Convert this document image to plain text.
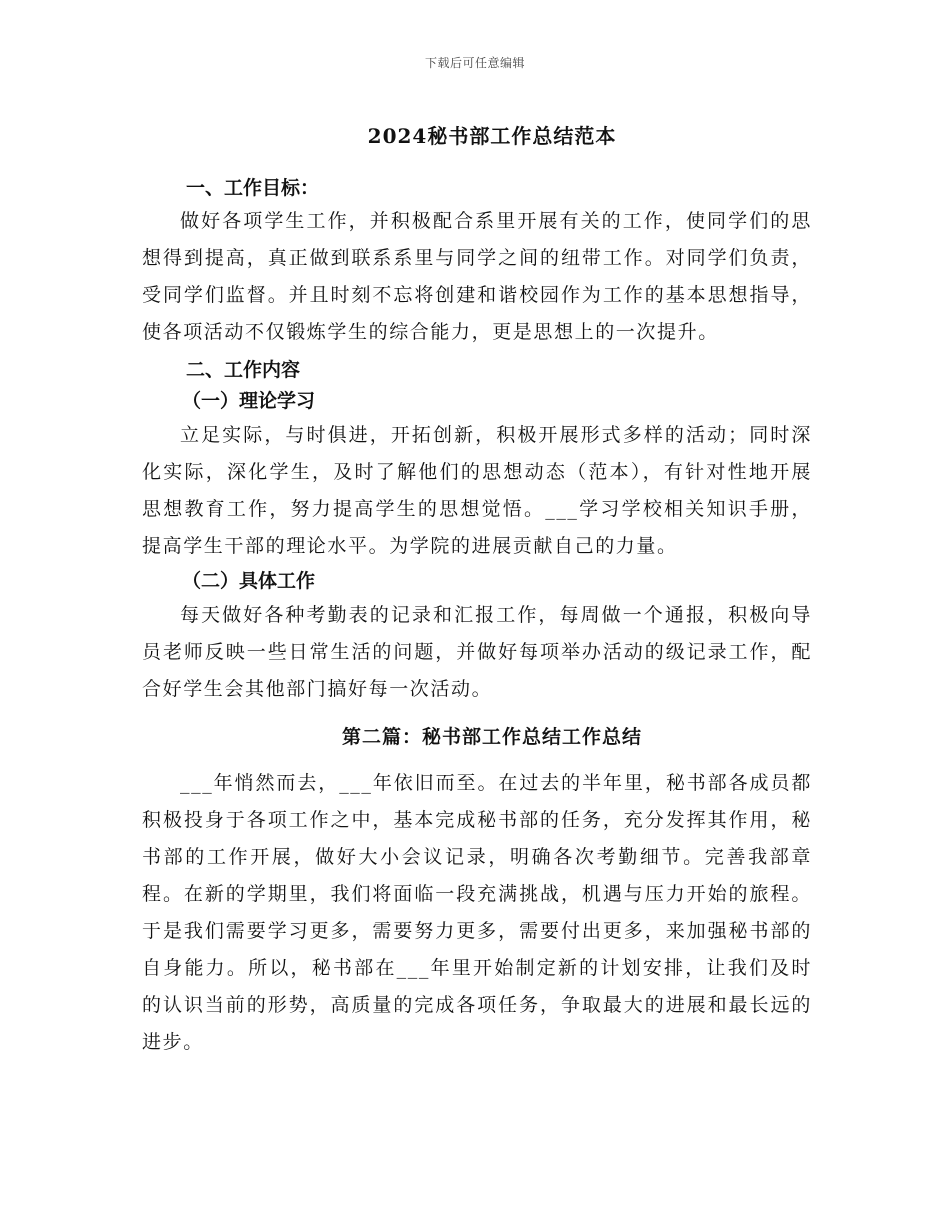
下载后可任意编辑
2024秘书部工作总结范本
一、工作目标：

做好各项学生工作，并积极配合系里开展有关的工作，使同学们的思想得到提高，真正做到联系系里与同学之间的纽带工作。对同学们负责，受同学们监督。并且时刻不忘将创建和谐校园作为工作的基本思想指导，使各项活动不仅锻炼学生的综合能力，更是思想上的一次提升。

二、工作内容
（一）理论学习

立足实际，与时俱进，开拓创新，积极开展形式多样的活动；同时深化实际，深化学生，及时了解他们的思想动态（范本），有针对性地开展思想教育工作，努力提高学生的思想觉悟。___学习学校相关知识手册，提高学生干部的理论水平。为学院的进展贡献自己的力量。

（二）具体工作

每天做好各种考勤表的记录和汇报工作，每周做一个通报，积极向导员老师反映一些日常生活的问题，并做好每项举办活动的级记录工作，配合好学生会其他部门搞好每一次活动。

第二篇：秘书部工作总结工作总结

___年悄然而去，___年依旧而至。在过去的半年里，秘书部各成员都积极投身于各项工作之中，基本完成秘书部的任务，充分发挥其作用，秘书部的工作开展，做好大小会议记录，明确各次考勤细节。完善我部章程。在新的学期里，我们将面临一段充满挑战，机遇与压力开始的旅程。于是我们需要学习更多，需要努力更多，需要付出更多，来加强秘书部的自身能力。所以，秘书部在___年里开始制定新的计划安排，让我们及时的认识当前的形势，高质量的完成各项任务，争取最大的进展和最长远的进步。
